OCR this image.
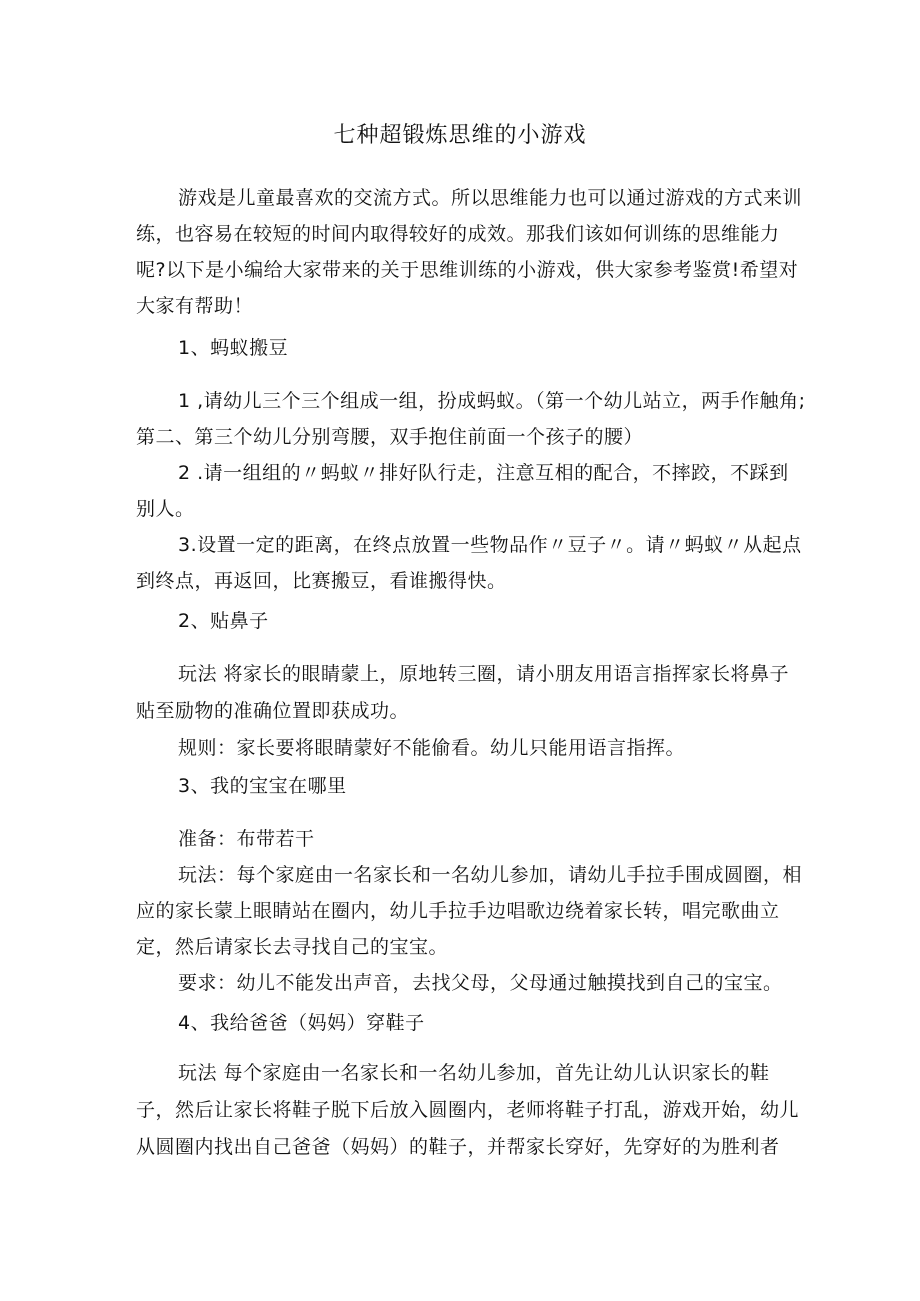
七种超锻炼思维的小游戏

游戏是儿童最喜欢的交流方式。所以思维能力也可以通过游戏的方式来训练，也容易在较短的时间内取得较好的成效。那我们该如何训练的思维能力呢?以下是小编给大家带来的关于思维训练的小游戏，供大家参考鉴赏!希望对大家有帮助！

1、蚂蚁搬豆

1 ,请幼儿三个三个组成一组，扮成蚂蚁。（第一个幼儿站立，两手作触角;第二、第三个幼儿分别弯腰，双手抱住前面一个孩子的腰）

2 .请一组组的〃蚂蚁〃排好队行走，注意互相的配合，不摔跤，不踩到别人。

3.设置一定的距离，在终点放置一些物品作〃豆子〃。请〃蚂蚁〃从起点到终点，再返回，比赛搬豆，看谁搬得快。

2、贴鼻子

玩法 将家长的眼睛蒙上，原地转三圈，请小朋友用语言指挥家长将鼻子贴至励物的准确位置即获成功。

规则：家长要将眼睛蒙好不能偷看。幼儿只能用语言指挥。

3、我的宝宝在哪里

准备：布带若干

玩法：每个家庭由一名家长和一名幼儿参加，请幼儿手拉手围成圆圈，相应的家长蒙上眼睛站在圈内，幼儿手拉手边唱歌边绕着家长转，唱完歌曲立定，然后请家长去寻找自己的宝宝。

要求：幼儿不能发出声音，去找父母，父母通过触摸找到自己的宝宝。

4、我给爸爸（妈妈）穿鞋子

玩法 每个家庭由一名家长和一名幼儿参加，首先让幼儿认识家长的鞋子，然后让家长将鞋子脱下后放入圆圈内，老师将鞋子打乱，游戏开始，幼儿从圆圈内找出自己爸爸（妈妈）的鞋子，并帮家长穿好，先穿好的为胜利者
